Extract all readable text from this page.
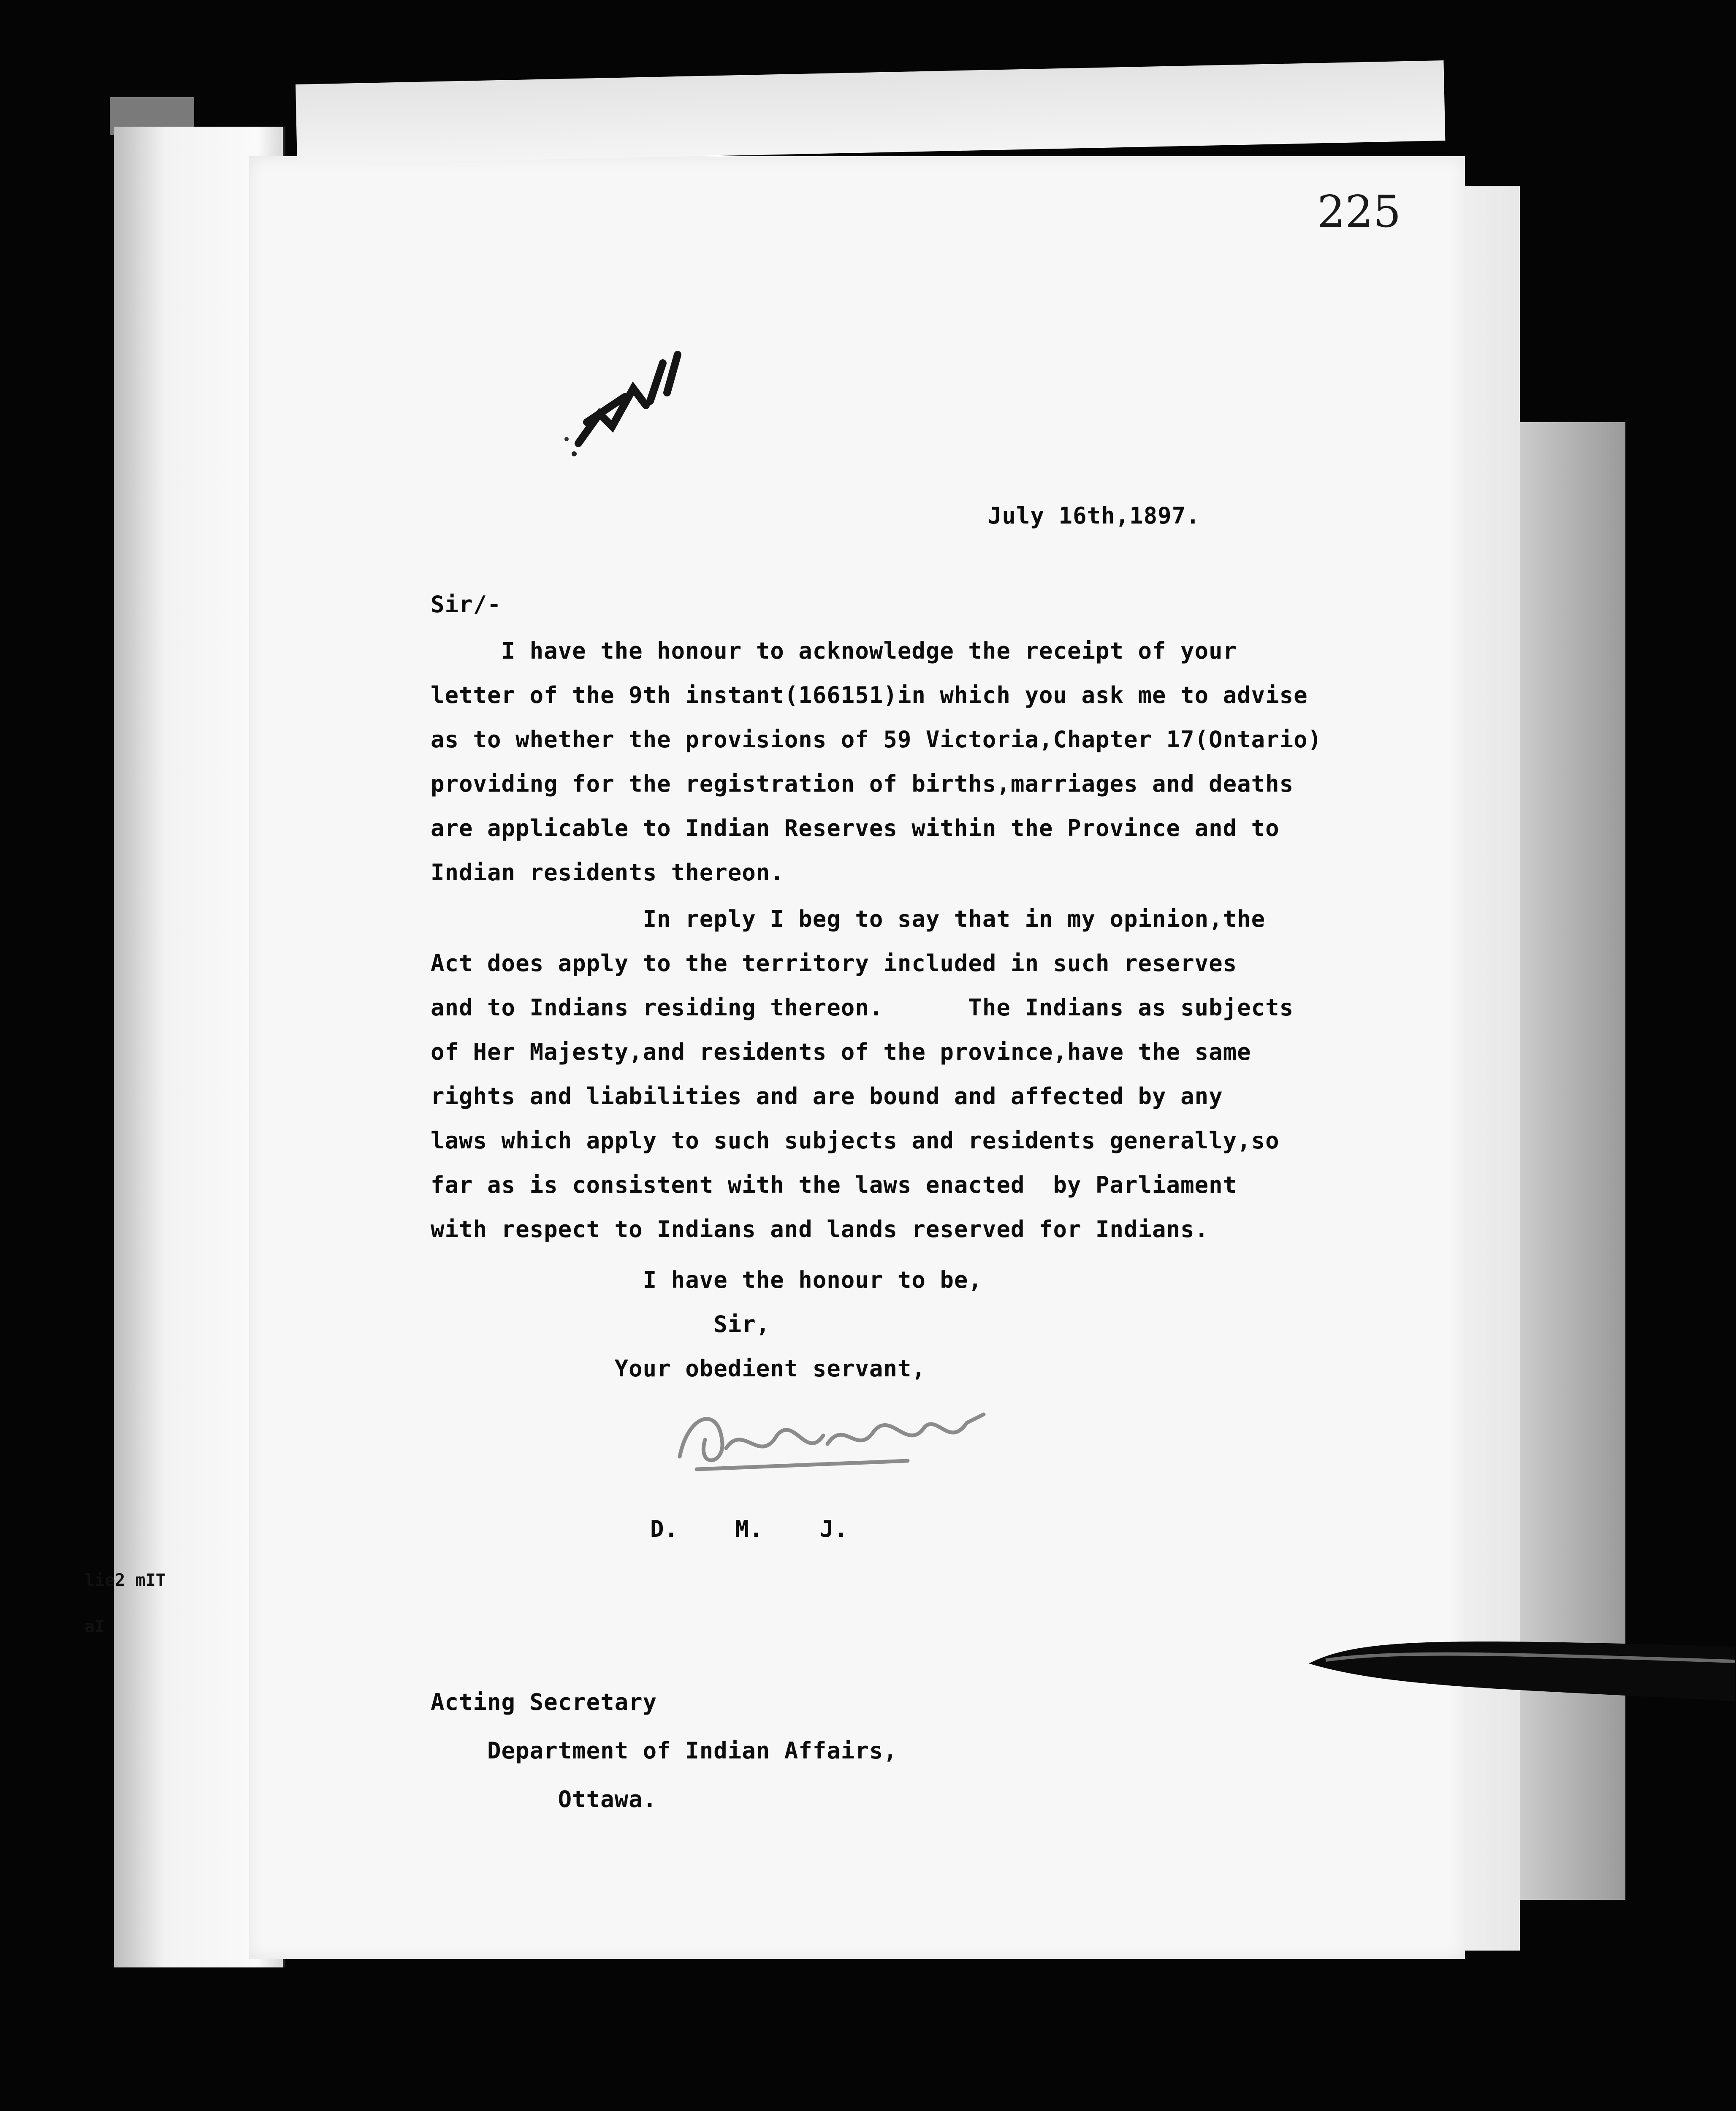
lie2 mIT
aI
225
July 16th,1897.
Sir/-
I have the honour to acknowledge the receipt of your
letter of the 9th instant(166151)in which you ask me to advise
as to whether the provisions of 59 Victoria,Chapter 17(Ontario)
providing for the registration of births,marriages and deaths
are applicable to Indian Reserves within the Province and to
Indian residents thereon.
In reply I beg to say that in my opinion,the
Act does apply to the territory included in such reserves
and to Indians residing thereon.      The Indians as subjects
of Her Majesty,and residents of the province,have the same
rights and liabilities and are bound and affected by any
laws which apply to such subjects and residents generally,so
far as is consistent with the laws enacted  by Parliament
with respect to Indians and lands reserved for Indians.
I have the honour to be,
Sir,
Your obedient servant,
D.    M.    J.
Acting Secretary
Department of Indian Affairs,
Ottawa.
